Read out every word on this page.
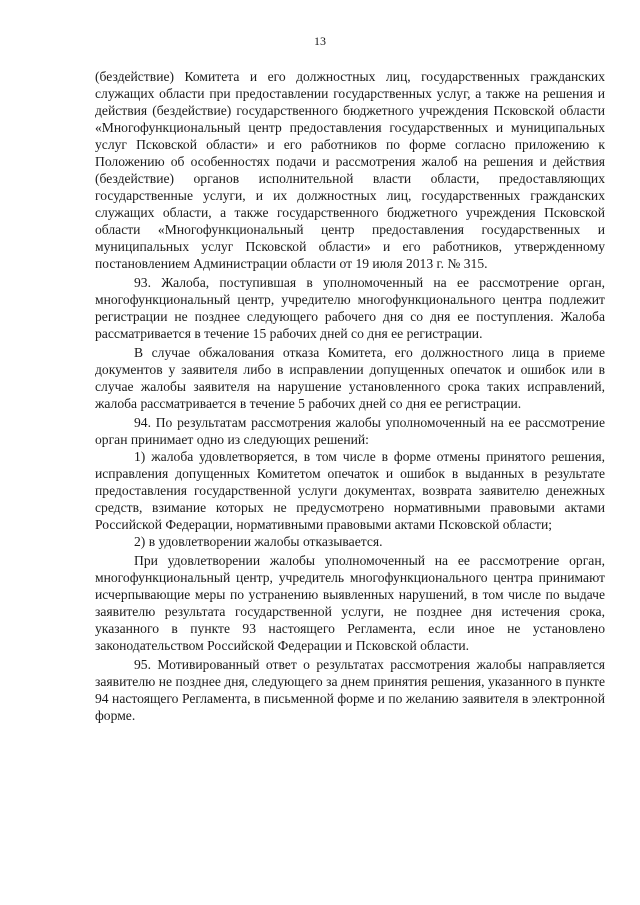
13

(бездействие) Комитета и его должностных лиц, государственных гражданских служащих области при предоставлении государственных услуг, а также на решения и действия (бездействие) государственного бюджетного учреждения Псковской области «Многофункциональный центр предоставления государственных и муниципальных услуг Псковской области» и его работников по форме согласно приложению к Положению об особенностях подачи и рассмотрения жалоб на решения и действия (бездействие) органов исполнительной власти области, предоставляющих государственные услуги, и их должностных лиц, государственных гражданских служащих области, а также государственного бюджетного учреждения Псковской области «Многофункциональный центр предоставления государственных и муниципальных услуг Псковской области» и его работников, утвержденному постановлением Администрации области от 19 июля 2013 г. № 315.

93. Жалоба, поступившая в уполномоченный на ее рассмотрение орган, многофункциональный центр, учредителю многофункционального центра подлежит регистрации не позднее следующего рабочего дня со дня ее поступления. Жалоба рассматривается в течение 15 рабочих дней со дня ее регистрации.

В случае обжалования отказа Комитета, его должностного лица в приеме документов у заявителя либо в исправлении допущенных опечаток и ошибок или в случае жалобы заявителя на нарушение установленного срока таких исправлений, жалоба рассматривается в течение 5 рабочих дней со дня ее регистрации.

94. По результатам рассмотрения жалобы уполномоченный на ее рассмотрение орган принимает одно из следующих решений:

1) жалоба удовлетворяется, в том числе в форме отмены принятого решения, исправления допущенных Комитетом опечаток и ошибок в выданных в результате предоставления государственной услуги документах, возврата заявителю денежных средств, взимание которых не предусмотрено нормативными правовыми актами Российской Федерации, нормативными правовыми актами Псковской области;

2) в удовлетворении жалобы отказывается.

При удовлетворении жалобы уполномоченный на ее рассмотрение орган, многофункциональный центр, учредитель многофункционального центра принимают исчерпывающие меры по устранению выявленных нарушений, в том числе по выдаче заявителю результата государственной услуги, не позднее дня истечения срока, указанного в пункте 93 настоящего Регламента, если иное не установлено законодательством Российской Федерации и Псковской области.

95. Мотивированный ответ о результатах рассмотрения жалобы направляется заявителю не позднее дня, следующего за днем принятия решения, указанного в пункте 94 настоящего Регламента, в письменной форме и по желанию заявителя в электронной форме.
